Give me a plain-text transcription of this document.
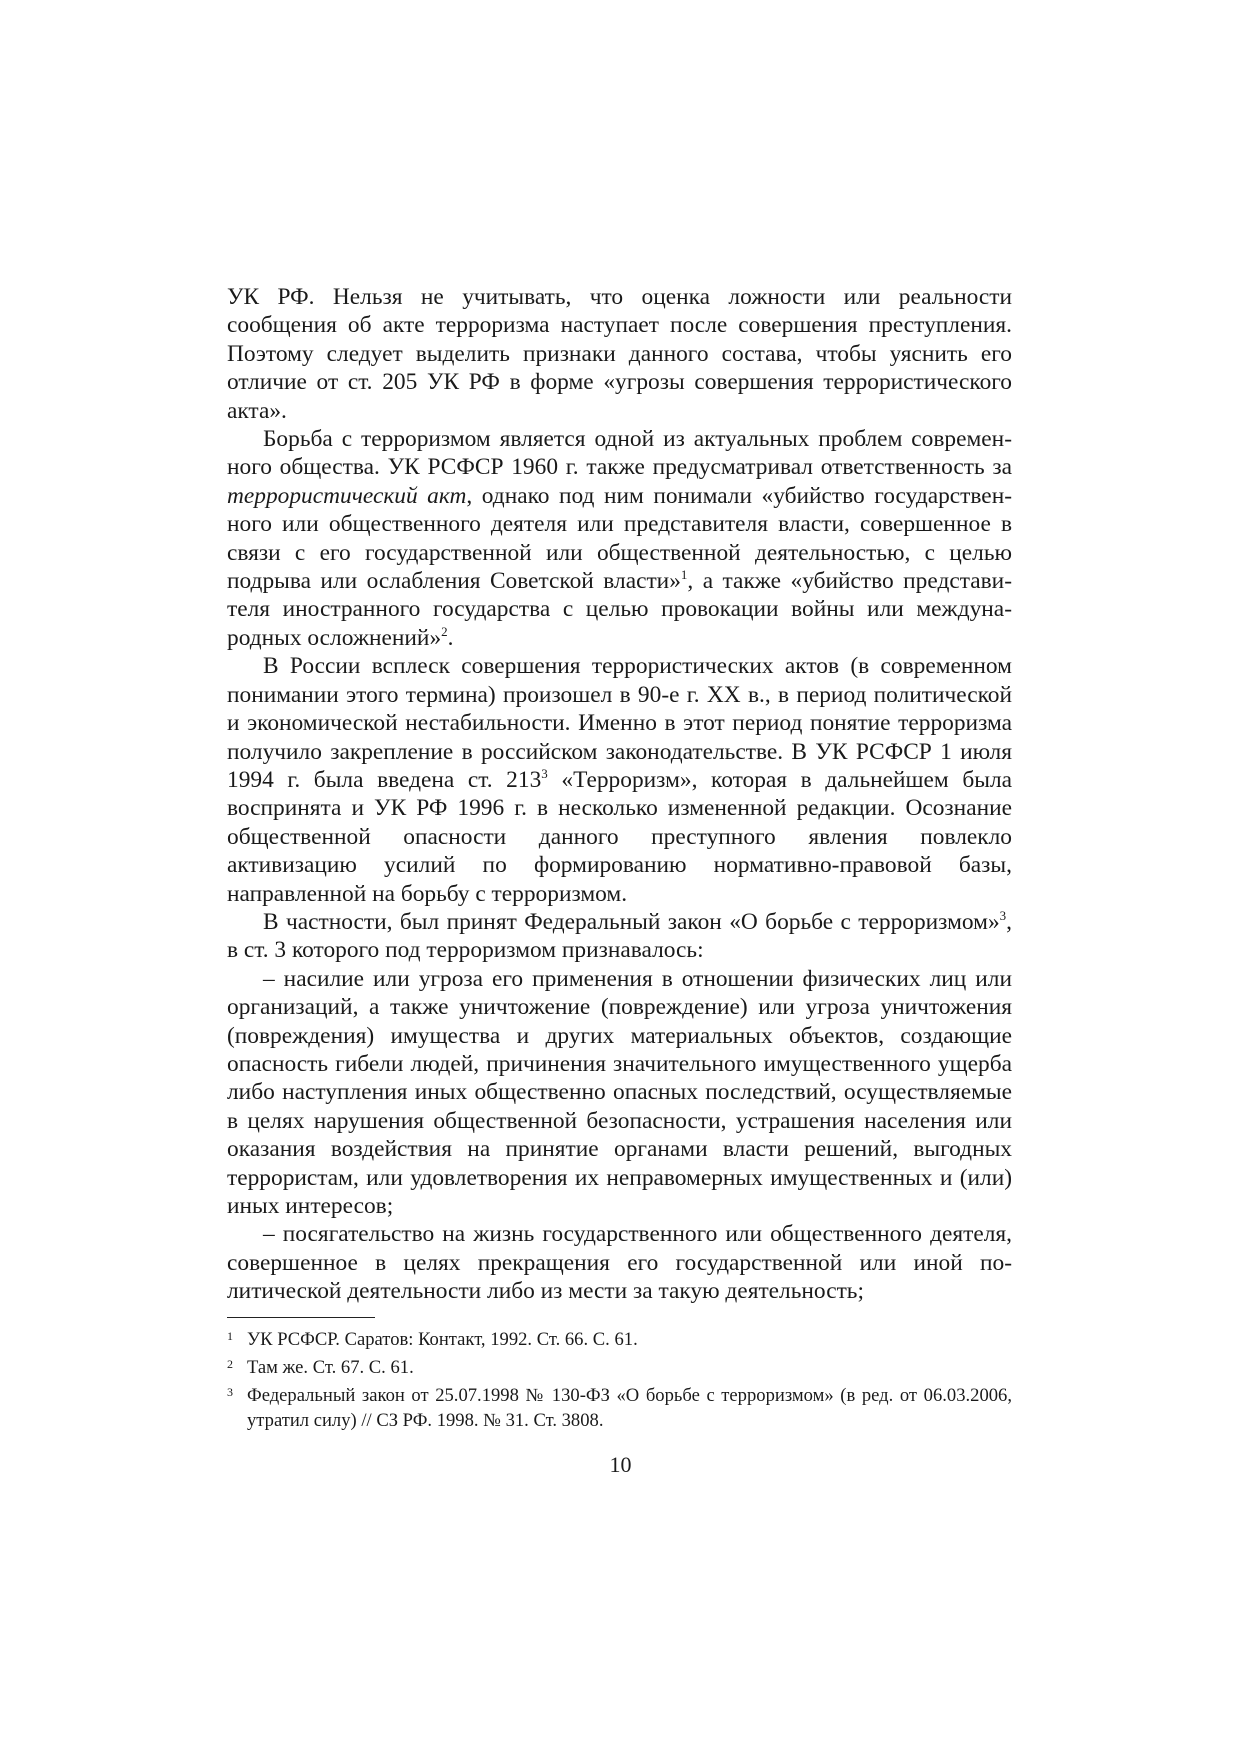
УК РФ. Нельзя не учитывать, что оценка ложности или реальности сообщения об акте терроризма наступает после совершения преступления. Поэтому следует выделить признаки данного состава, чтобы уяснить его отличие от ст. 205 УК РФ в форме «угрозы совершения террористического акта».

Борьба с терроризмом является одной из актуальных проблем современного общества. УК РСФСР 1960 г. также предусматривал ответственность за террористический акт, однако под ним понимали «убийство государственного или общественного деятеля или представителя власти, совершенное в связи с его государственной или общественной деятельностью, с целью подрыва или ослабления Советской власти»$^1$, а также «убийство представителя иностранного государства с целью провокации войны или международных осложнений»$^2$.

В России всплеск совершения террористических актов (в современном понимании этого термина) произошел в 90-е г. XX в., в период политической и экономической нестабильности. Именно в этот период понятие терроризма получило закрепление в российском законодательстве. В УК РСФСР 1 июля 1994 г. была введена ст. $213^3$ «Терроризм», которая в дальнейшем была воспринята и УК РФ 1996 г. в несколько измененной редакции. Осознание общественной опасности данного преступного явления повлекло активизацию усилий по формированию нормативно-правовой базы, направленной на борьбу с терроризмом.

В частности, был принят Федеральный закон «О борьбе с терроризмом»$^3$, в ст. 3 которого под терроризмом признавалось:

– насилие или угроза его применения в отношении физических лиц или организаций, а также уничтожение (повреждение) или угроза уничтожения (повреждения) имущества и других материальных объектов, создающие опасность гибели людей, причинения значительного имущественного ущерба либо наступления иных общественно опасных последствий, осуществляемые в целях нарушения общественной безопасности, устрашения населения или оказания воздействия на принятие органами власти решений, выгодных террористам, или удовлетворения их неправомерных имущественных и (или) иных интересов;

– посягательство на жизнь государственного или общественного деятеля, совершенное в целях прекращения его государственной или иной политической деятельности либо из мести за такую деятельность;

1 УК РСФСР. Саратов: Контакт, 1992. Ст. 66. С. 61.
2 Там же. Ст. 67. С. 61.
3 Федеральный закон от 25.07.1998 № 130-ФЗ «О борьбе с терроризмом» (в ред. от 06.03.2006, утратил силу) // СЗ РФ. 1998. № 31. Ст. 3808.
10
